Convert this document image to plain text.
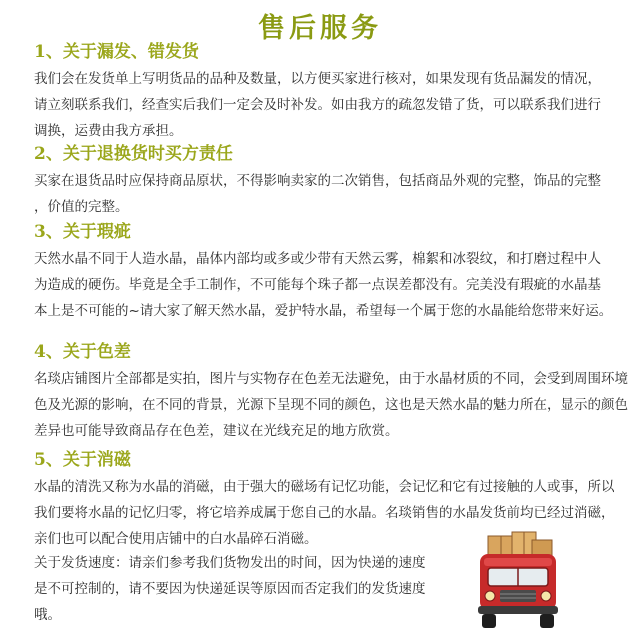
售后服务
1、关于漏发、错发货
我们会在发货单上写明货品的品种及数量，以方便买家进行核对，如果发现有货品漏发的情况，
请立刻联系我们，经查实后我们一定会及时补发。如由我方的疏忽发错了货，可以联系我们进行
调换，运费由我方承担。
2、关于退换货时买方责任
买家在退货品时应保持商品原状，不得影响卖家的二次销售，包括商品外观的完整，饰品的完整
，价值的完整。
3、关于瑕疵
天然水晶不同于人造水晶，晶体内部均或多或少带有天然云雾，棉絮和冰裂纹，和打磨过程中人
为造成的硬伤。毕竟是全手工制作，不可能每个珠子都一点误差都没有。完美没有瑕疵的水晶基
本上是不可能的~请大家了解天然水晶，爱护特水晶，希望每一个属于您的水晶能给您带来好运。
4、关于色差
名琰店铺图片全部都是实拍，图片与实物存在色差无法避免，由于水晶材质的不同，会受到周围环境
色及光源的影响，在不同的背景，光源下呈现不同的颜色，这也是天然水晶的魅力所在，显示的颜色
差异也可能导致商品存在色差，建议在光线充足的地方欣赏。
5、关于消磁
水晶的清洗又称为水晶的消磁，由于强大的磁场有记忆功能，会记忆和它有过接触的人或事，所以
我们要将水晶的记忆归零，将它培养成属于您自己的水晶。名琰销售的水晶发货前均已经过消磁，
亲们也可以配合使用店铺中的白水晶碎石消磁。
关于发货速度：请亲们参考我们货物发出的时间，因为快递的速度
是不可控制的，请不要因为快递延误等原因而否定我们的发货速度
哦。
